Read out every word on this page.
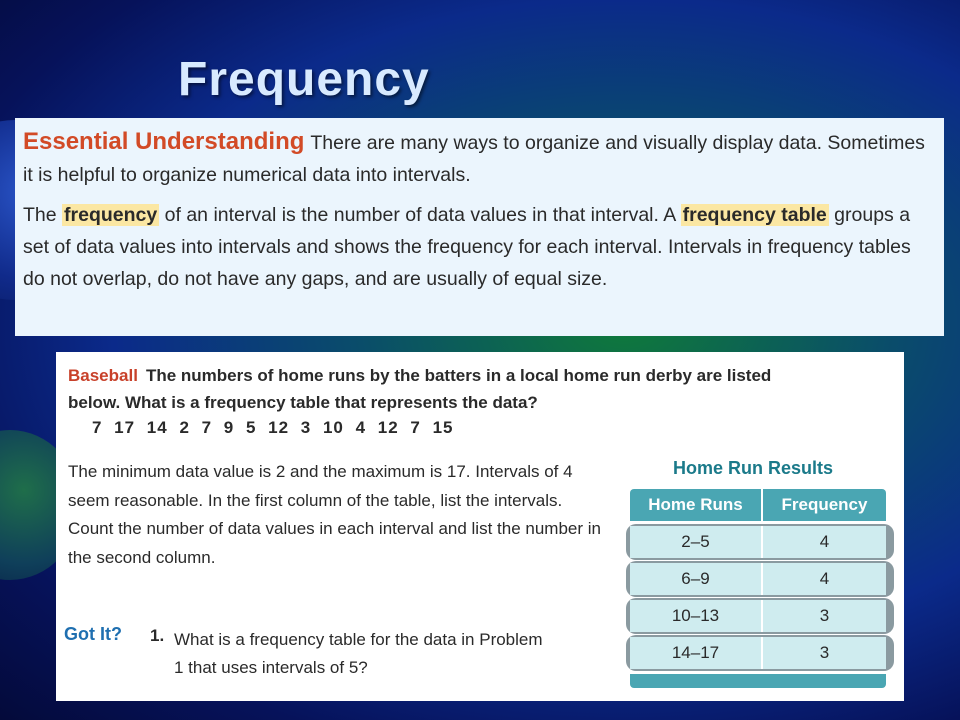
Frequency

Essential Understanding There are many ways to organize and visually display data. Sometimes it is helpful to organize numerical data into intervals.

The frequency of an interval is the number of data values in that interval. A frequency table groups a set of data values into intervals and shows the frequency for each interval. Intervals in frequency tables do not overlap, do not have any gaps, and are usually of equal size.

Baseball The numbers of home runs by the batters in a local home run derby are listed below. What is a frequency table that represents the data?
7 17 14 2 7 9 5 12 3 10 4 12 7 15
The minimum data value is 2 and the maximum is 17. Intervals of 4 seem reasonable. In the first column of the table, list the intervals. Count the number of data values in each interval and list the number in the second column.
Got It? 1. What is a frequency table for the data in Problem 1 that uses intervals of 5?
Home Run Results
Home Runs	Frequency
2–5	4
6–9	4
10–13	3
14–17	3
